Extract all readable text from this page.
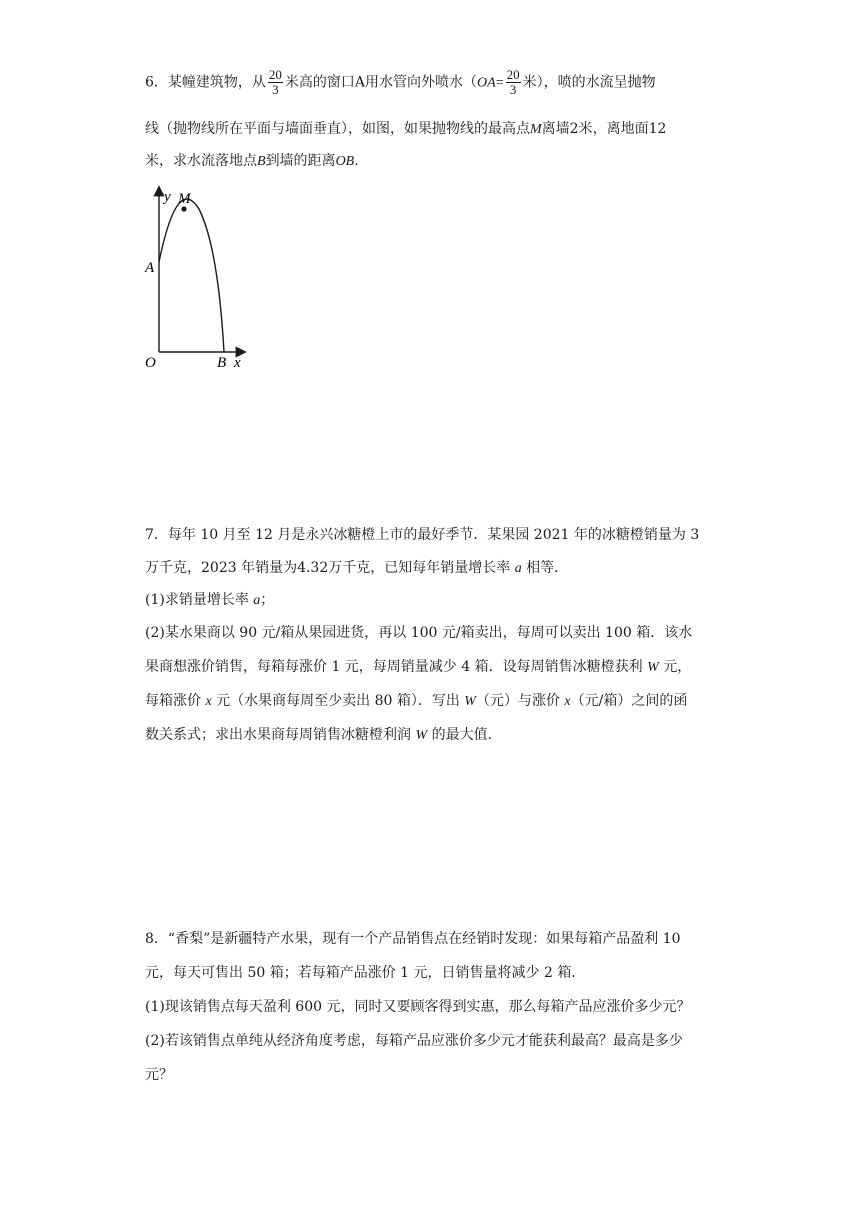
6．某幢建筑物，从 $\frac{20}{3}$ 米高的窗口A用水管向外喷水（$OA= \frac{20}{3}$ 米），喷的水流呈抛物
线（抛物线所在平面与墙面垂直），如图，如果抛物线的最高点M离墙2米，离地面12
米，求水流落地点B到墙的距离OB.
y M
A
O	B x
7．每年 10 月至 12 月是永兴冰糖橙上市的最好季节．某果园 2021 年的冰糖橙销量为 3
万千克，2023 年销量为4.32万千克，已知每年销量增长率 a 相等．
(1)求销量增长率 a；
(2)某水果商以 90 元/箱从果园进货，再以 100 元/箱卖出，每周可以卖出 100 箱．该水
果商想涨价销售，每箱每涨价 1 元，每周销量减少 4 箱．设每周销售冰糖橙获利 W 元，
每箱涨价 x 元（水果商每周至少卖出 80 箱）．写出 W（元）与涨价 x（元/箱）之间的函
数关系式；求出水果商每周销售冰糖橙利润 W 的最大值．
8．“香梨”是新疆特产水果，现有一个产品销售点在经销时发现：如果每箱产品盈利 10
元，每天可售出 50 箱；若每箱产品涨价 1 元，日销售量将减少 2 箱．
(1)现该销售点每天盈利 600 元，同时又要顾客得到实惠，那么每箱产品应涨价多少元？
(2)若该销售点单纯从经济角度考虑，每箱产品应涨价多少元才能获利最高？最高是多少
元？
